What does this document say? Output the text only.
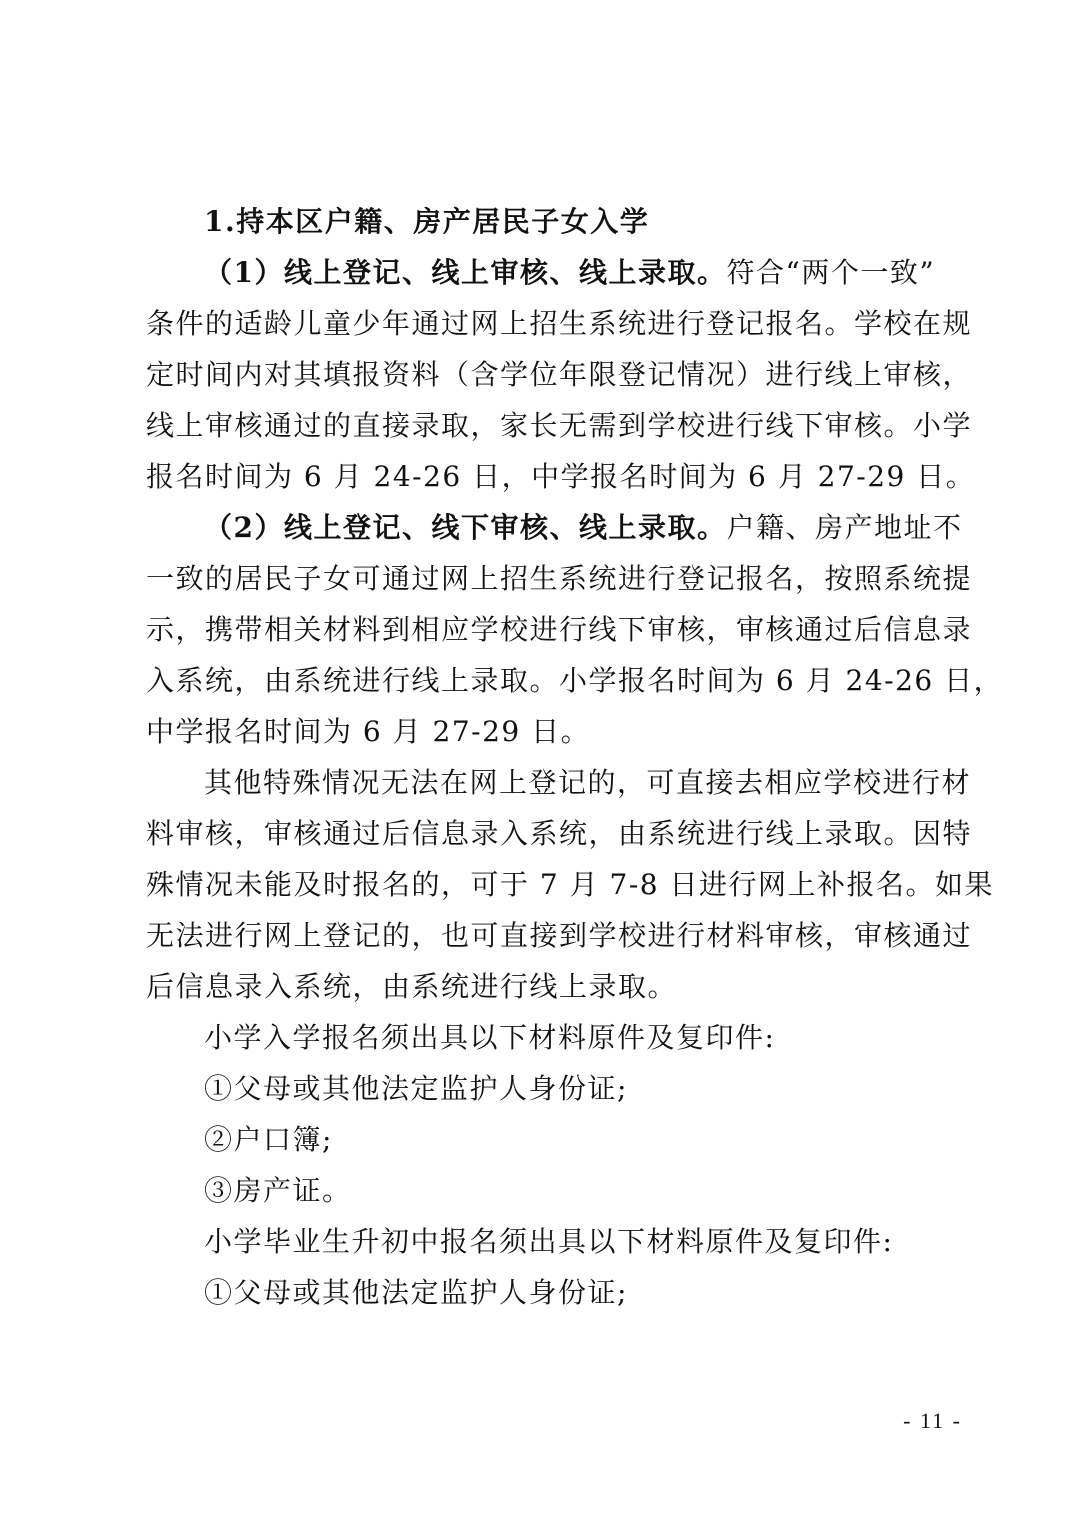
1.持本区户籍、房产居民子女入学
（1）线上登记、线上审核、线上录取。符合“两个一致”
条件的适龄儿童少年通过网上招生系统进行登记报名。学校在规
定时间内对其填报资料（含学位年限登记情况）进行线上审核，
线上审核通过的直接录取，家长无需到学校进行线下审核。小学
报名时间为 6 月 24-26 日，中学报名时间为 6 月 27-29 日。
（2）线上登记、线下审核、线上录取。户籍、房产地址不
一致的居民子女可通过网上招生系统进行登记报名，按照系统提
示，携带相关材料到相应学校进行线下审核，审核通过后信息录
入系统，由系统进行线上录取。小学报名时间为 6 月 24-26 日，
中学报名时间为 6 月 27-29 日。
其他特殊情况无法在网上登记的，可直接去相应学校进行材
料审核，审核通过后信息录入系统，由系统进行线上录取。因特
殊情况未能及时报名的，可于 7 月 7-8 日进行网上补报名。如果
无法进行网上登记的，也可直接到学校进行材料审核，审核通过
后信息录入系统，由系统进行线上录取。
小学入学报名须出具以下材料原件及复印件:
①父母或其他法定监护人身份证;
②户口簿;
③房产证。
小学毕业生升初中报名须出具以下材料原件及复印件:
①父母或其他法定监护人身份证;
- 11 -
